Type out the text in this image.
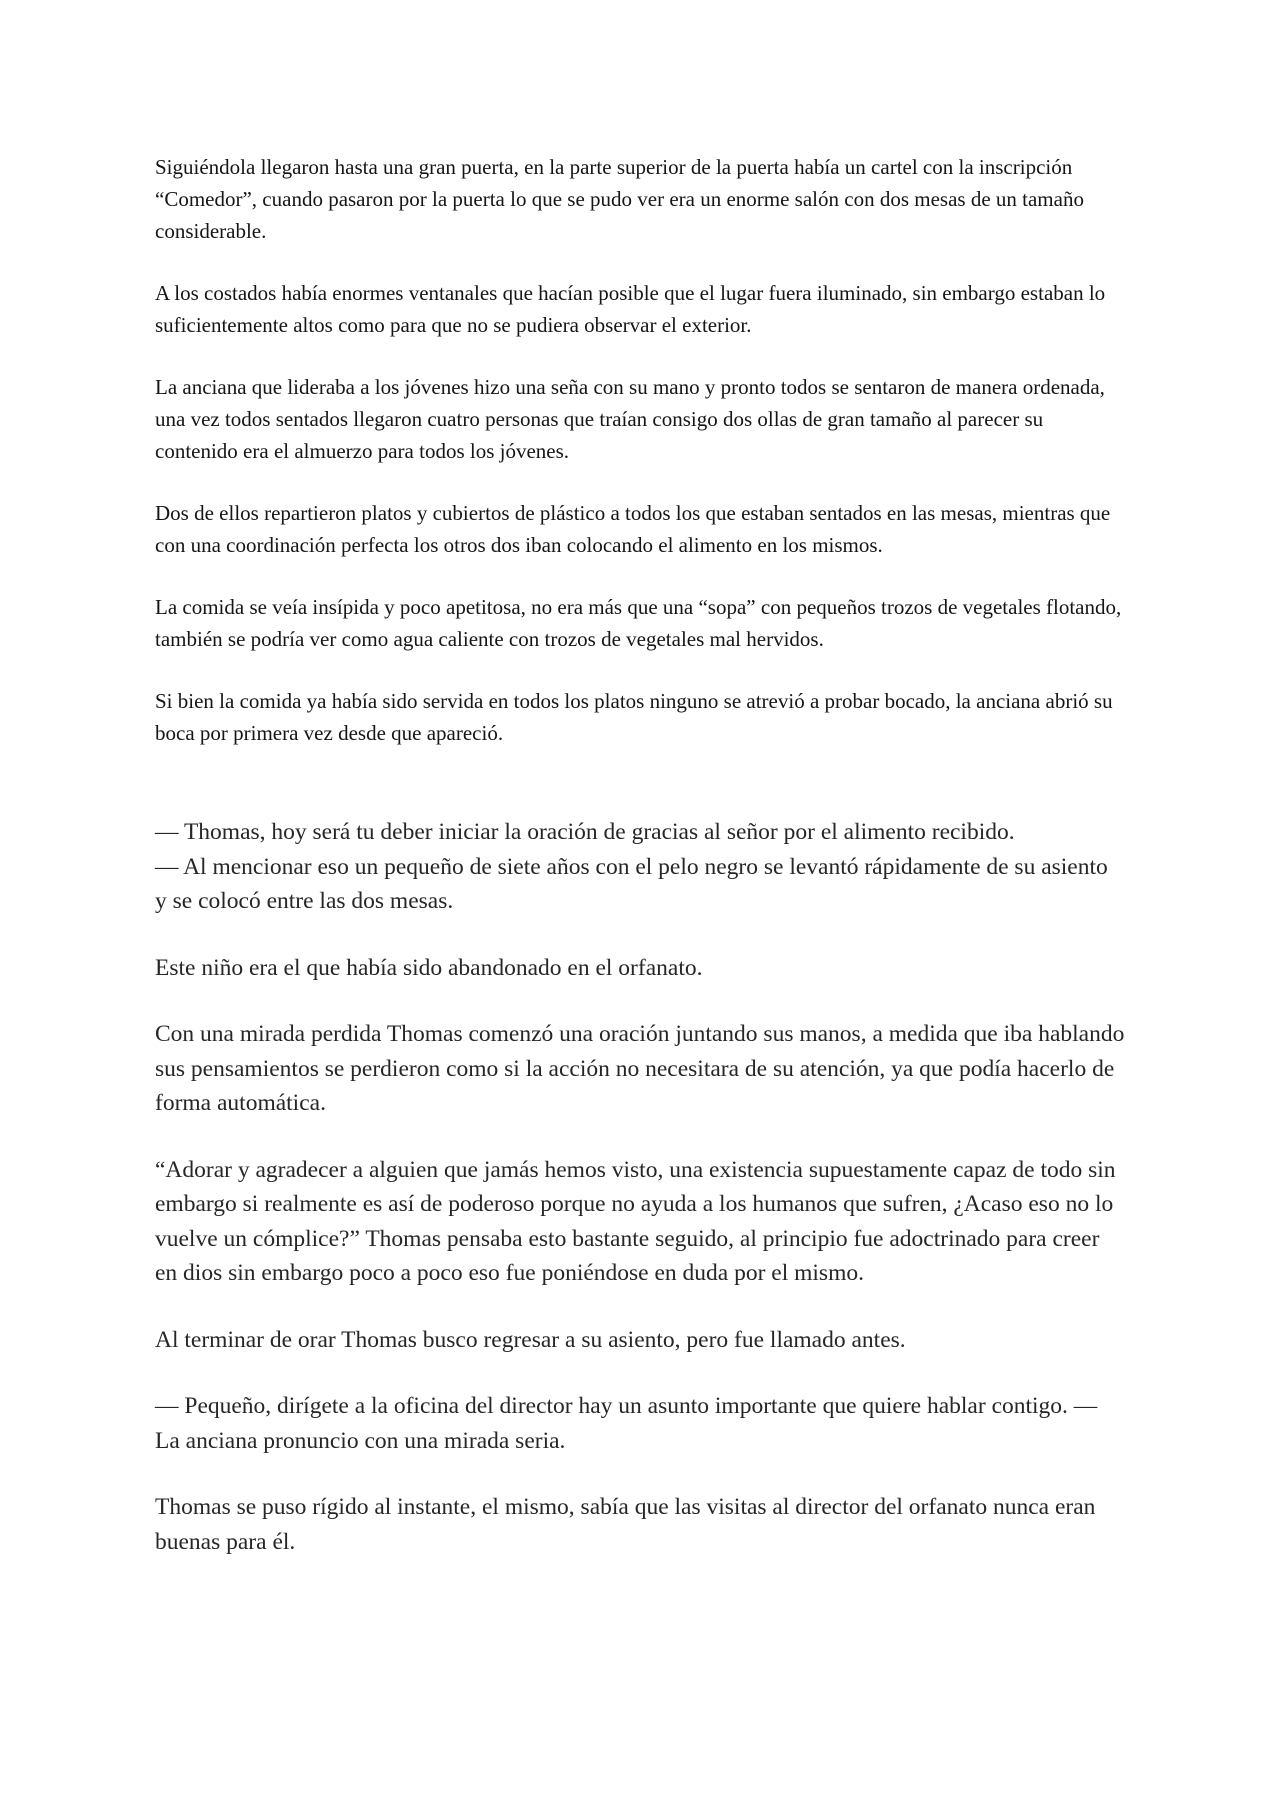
Siguiéndola llegaron hasta una gran puerta, en la parte superior de la puerta había un cartel con la inscripción “Comedor”, cuando pasaron por la puerta lo que se pudo ver era un enorme salón con dos mesas de un tamaño considerable.

A los costados había enormes ventanales que hacían posible que el lugar fuera iluminado, sin embargo estaban lo suficientemente altos como para que no se pudiera observar el exterior.

La anciana que lideraba a los jóvenes hizo una seña con su mano y pronto todos se sentaron de manera ordenada, una vez todos sentados llegaron cuatro personas que traían consigo dos ollas de gran tamaño al parecer su contenido era el almuerzo para todos los jóvenes.

Dos de ellos repartieron platos y cubiertos de plástico a todos los que estaban sentados en las mesas, mientras que con una coordinación perfecta los otros dos iban colocando el alimento en los mismos.

La comida se veía insípida y poco apetitosa, no era más que una “sopa” con pequeños trozos de vegetales flotando, también se podría ver como agua caliente con trozos de vegetales mal hervidos.

Si bien la comida ya había sido servida en todos los platos ninguno se atrevió a probar bocado, la anciana abrió su boca por primera vez desde que apareció.

— Thomas, hoy será tu deber iniciar la oración de gracias al señor por el alimento recibido.

— Al mencionar eso un pequeño de siete años con el pelo negro se levantó rápidamente de su asiento y se colocó entre las dos mesas.

Este niño era el que había sido abandonado en el orfanato.

Con una mirada perdida Thomas comenzó una oración juntando sus manos, a medida que iba hablando sus pensamientos se perdieron como si la acción no necesitara de su atención, ya que podía hacerlo de forma automática.

“Adorar y agradecer a alguien que jamás hemos visto, una existencia supuestamente capaz de todo sin embargo si realmente es así de poderoso porque no ayuda a los humanos que sufren, ¿Acaso eso no lo vuelve un cómplice?” Thomas pensaba esto bastante seguido, al principio fue adoctrinado para creer en dios sin embargo poco a poco eso fue poniéndose en duda por el mismo.

Al terminar de orar Thomas busco regresar a su asiento, pero fue llamado antes.

— Pequeño, dirígete a la oficina del director hay un asunto importante que quiere hablar contigo. — La anciana pronuncio con una mirada seria.

Thomas se puso rígido al instante, el mismo, sabía que las visitas al director del orfanato nunca eran buenas para él.
